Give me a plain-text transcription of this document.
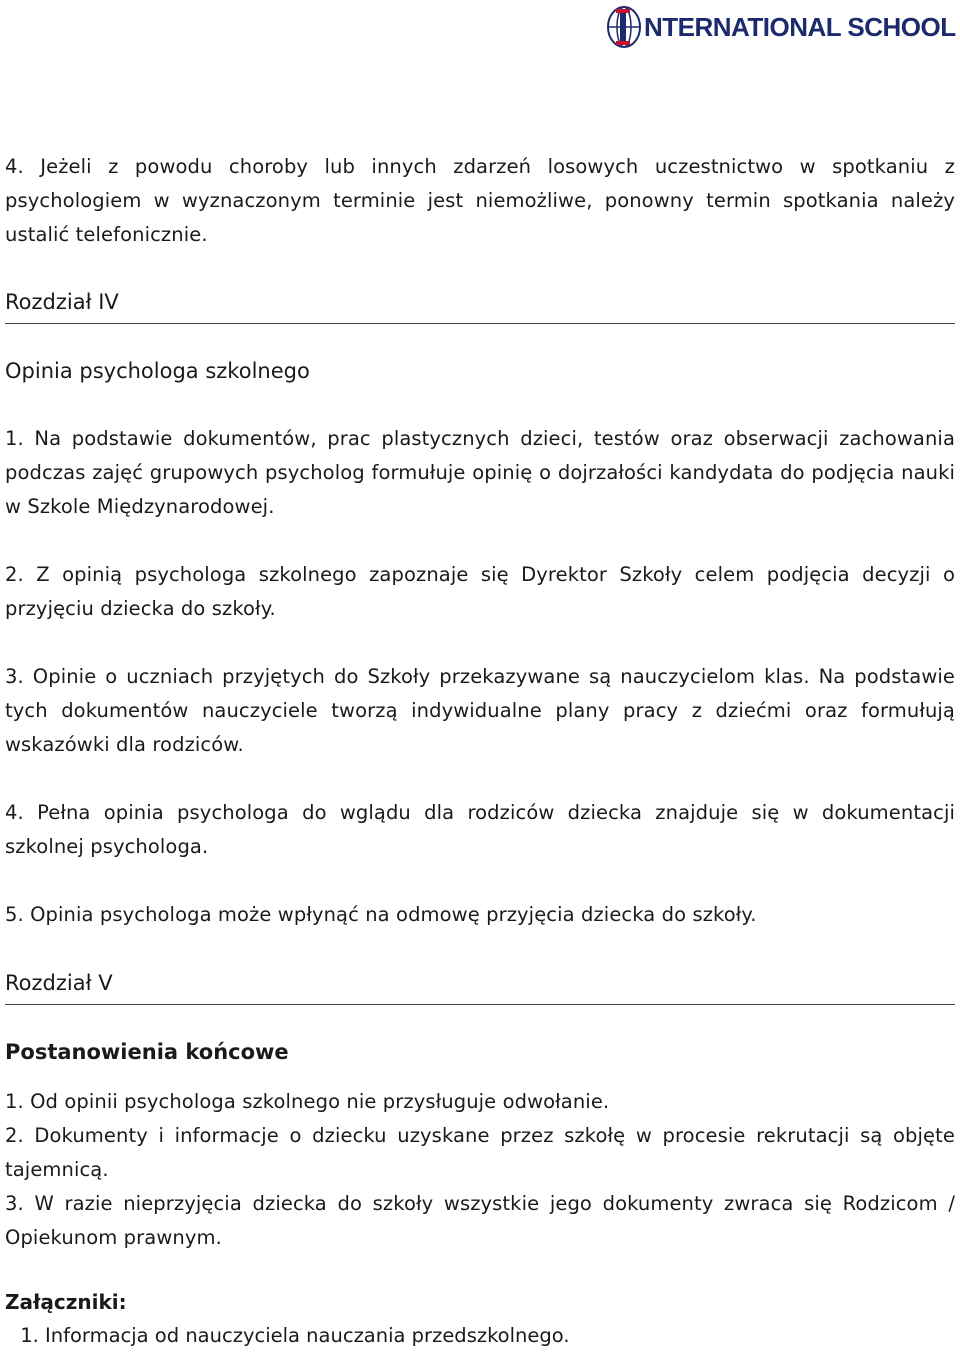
NTERNATIONAL SCHOOL

4. Jeżeli z powodu choroby lub innych zdarzeń losowych uczestnictwo w spotkaniu z psychologiem w wyznaczonym terminie jest niemożliwe, ponowny termin spotkania należy ustalić telefonicznie.

Rozdział IV
Opinia psychologa szkolnego

1. Na podstawie dokumentów, prac plastycznych dzieci, testów oraz obserwacji zachowania podczas zajęć grupowych psycholog formułuje opinię o dojrzałości kandydata do podjęcia nauki w Szkole Międzynarodowej.

2. Z opinią psychologa szkolnego zapoznaje się Dyrektor Szkoły celem podjęcia decyzji o przyjęciu dziecka do szkoły.

3. Opinie o uczniach przyjętych do Szkoły przekazywane są nauczycielom klas. Na podstawie tych dokumentów nauczyciele tworzą indywidualne plany pracy z dziećmi oraz formułują wskazówki dla rodziców.

4. Pełna opinia psychologa do wglądu dla rodziców dziecka znajduje się w dokumentacji szkolnej psychologa.

5. Opinia psychologa może wpłynąć na odmowę przyjęcia dziecka do szkoły.

Rozdział V
Postanowienia końcowe

1. Od opinii psychologa szkolnego nie przysługuje odwołanie.

2. Dokumenty i informacje o dziecku uzyskane przez szkołę w procesie rekrutacji są objęte tajemnicą.

3. W razie nieprzyjęcia dziecka do szkoły wszystkie jego dokumenty zwraca się Rodzicom / Opiekunom prawnym.

Załączniki:
1. Informacja od nauczyciela nauczania przedszkolnego.
